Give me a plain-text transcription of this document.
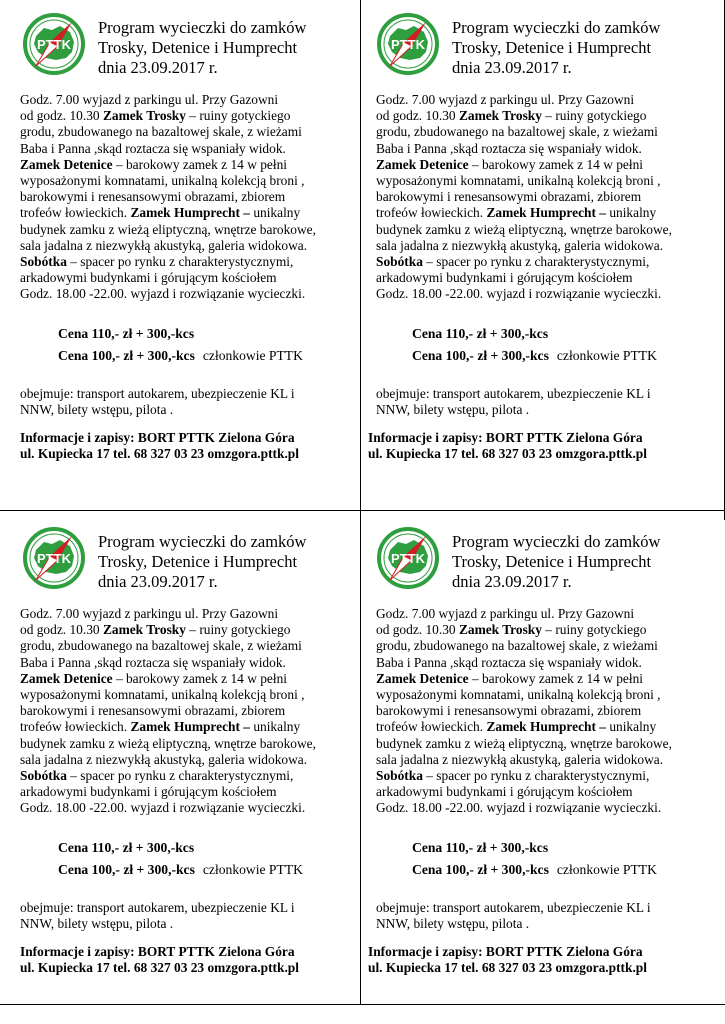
PTTK
Program wycieczki do zamków
Trosky, Detenice i Humprecht
dnia 23.09.2017 r.
Godz. 7.00 wyjazd z parkingu ul. Przy Gazowni
od godz. 10.30 Zamek Trosky – ruiny gotyckiego
grodu, zbudowanego na bazaltowej skale, z wieżami
Baba i Panna ,skąd roztacza się wspaniały widok.
Zamek Detenice – barokowy zamek z 14 w pełni
wyposażonymi komnatami, unikalną kolekcją broni ,
barokowymi i renesansowymi obrazami, zbiorem
trofeów łowieckich. Zamek Humprecht – unikalny
budynek zamku z wieżą eliptyczną, wnętrze barokowe,
sala jadalna z niezwykłą akustyką, galeria widokowa.
Sobótka – spacer po rynku z charakterystycznymi,
arkadowymi budynkami i górującym kościołem
Godz. 18.00 -22.00. wyjazd i rozwiązanie wycieczki.
Cena 110,- zł + 300,-kcs
Cena 100,- zł + 300,-kcs członkowie PTTK
obejmuje: transport autokarem, ubezpieczenie KL i
NNW, bilety wstępu, pilota .
Informacje i zapisy: BORT PTTK Zielona Góra
ul. Kupiecka 17 tel. 68 327 03 23 omzgora.pttk.pl
PTTK
Program wycieczki do zamków
Trosky, Detenice i Humprecht
dnia 23.09.2017 r.
Godz. 7.00 wyjazd z parkingu ul. Przy Gazowni
od godz. 10.30 Zamek Trosky – ruiny gotyckiego
grodu, zbudowanego na bazaltowej skale, z wieżami
Baba i Panna ,skąd roztacza się wspaniały widok.
Zamek Detenice – barokowy zamek z 14 w pełni
wyposażonymi komnatami, unikalną kolekcją broni ,
barokowymi i renesansowymi obrazami, zbiorem
trofeów łowieckich. Zamek Humprecht – unikalny
budynek zamku z wieżą eliptyczną, wnętrze barokowe,
sala jadalna z niezwykłą akustyką, galeria widokowa.
Sobótka – spacer po rynku z charakterystycznymi,
arkadowymi budynkami i górującym kościołem
Godz. 18.00 -22.00. wyjazd i rozwiązanie wycieczki.
Cena 110,- zł + 300,-kcs
Cena 100,- zł + 300,-kcs członkowie PTTK
obejmuje: transport autokarem, ubezpieczenie KL i
NNW, bilety wstępu, pilota .
Informacje i zapisy: BORT PTTK Zielona Góra
ul. Kupiecka 17 tel. 68 327 03 23 omzgora.pttk.pl
PTTK
Program wycieczki do zamków
Trosky, Detenice i Humprecht
dnia 23.09.2017 r.
Godz. 7.00 wyjazd z parkingu ul. Przy Gazowni
od godz. 10.30 Zamek Trosky – ruiny gotyckiego
grodu, zbudowanego na bazaltowej skale, z wieżami
Baba i Panna ,skąd roztacza się wspaniały widok.
Zamek Detenice – barokowy zamek z 14 w pełni
wyposażonymi komnatami, unikalną kolekcją broni ,
barokowymi i renesansowymi obrazami, zbiorem
trofeów łowieckich. Zamek Humprecht – unikalny
budynek zamku z wieżą eliptyczną, wnętrze barokowe,
sala jadalna z niezwykłą akustyką, galeria widokowa.
Sobótka – spacer po rynku z charakterystycznymi,
arkadowymi budynkami i górującym kościołem
Godz. 18.00 -22.00. wyjazd i rozwiązanie wycieczki.
Cena 110,- zł + 300,-kcs
Cena 100,- zł + 300,-kcs członkowie PTTK
obejmuje: transport autokarem, ubezpieczenie KL i
NNW, bilety wstępu, pilota .
Informacje i zapisy: BORT PTTK Zielona Góra
ul. Kupiecka 17 tel. 68 327 03 23 omzgora.pttk.pl
PTTK
Program wycieczki do zamków
Trosky, Detenice i Humprecht
dnia 23.09.2017 r.
Godz. 7.00 wyjazd z parkingu ul. Przy Gazowni
od godz. 10.30 Zamek Trosky – ruiny gotyckiego
grodu, zbudowanego na bazaltowej skale, z wieżami
Baba i Panna ,skąd roztacza się wspaniały widok.
Zamek Detenice – barokowy zamek z 14 w pełni
wyposażonymi komnatami, unikalną kolekcją broni ,
barokowymi i renesansowymi obrazami, zbiorem
trofeów łowieckich. Zamek Humprecht – unikalny
budynek zamku z wieżą eliptyczną, wnętrze barokowe,
sala jadalna z niezwykłą akustyką, galeria widokowa.
Sobótka – spacer po rynku z charakterystycznymi,
arkadowymi budynkami i górującym kościołem
Godz. 18.00 -22.00. wyjazd i rozwiązanie wycieczki.
Cena 110,- zł + 300,-kcs
Cena 100,- zł + 300,-kcs członkowie PTTK
obejmuje: transport autokarem, ubezpieczenie KL i
NNW, bilety wstępu, pilota .
Informacje i zapisy: BORT PTTK Zielona Góra
ul. Kupiecka 17 tel. 68 327 03 23 omzgora.pttk.pl
